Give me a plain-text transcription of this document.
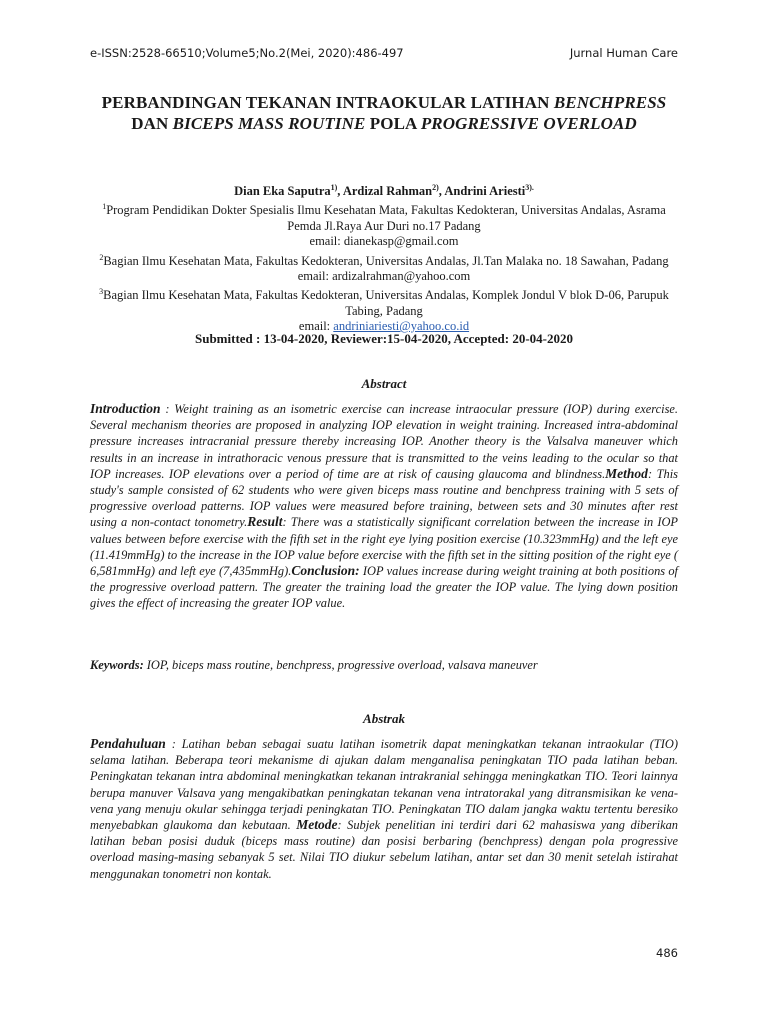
e-ISSN:2528-66510;Volume5;No.2(Mei, 2020):486-497	Jurnal Human Care
PERBANDINGAN TEKANAN INTRAOKULAR LATIHAN BENCHPRESS
DAN BICEPS MASS ROUTINE POLA PROGRESSIVE OVERLOAD
Dian Eka Saputra$^{1)}$, Ardizal Rahman$^{2)}$, Andrini Ariesti$^{3).}$
$^1$Program Pendidikan Dokter Spesialis Ilmu Kesehatan Mata, Fakultas Kedokteran, Universitas Andalas, Asrama Pemda Jl.Raya Aur Duri no.17 Padang
email: dianekasp@gmail.com
$^2$Bagian Ilmu Kesehatan Mata, Fakultas Kedokteran, Universitas Andalas, Jl.Tan Malaka no. 18 Sawahan, Padang
email: ardizalrahman@yahoo.com
$^3$Bagian Ilmu Kesehatan Mata, Fakultas Kedokteran, Universitas Andalas, Komplek Jondul V blok D-06, Parupuk Tabing, Padang
email: andriniariesti@yahoo.co.id
Submitted : 13-04-2020, Reviewer:15-04-2020, Accepted: 20-04-2020
Abstract
Introduction : Weight training as an isometric exercise can increase intraocular pressure (IOP) during exercise. Several mechanism theories are proposed in analyzing IOP elevation in weight training. Increased intra-abdominal pressure increases intracranial pressure thereby increasing IOP. Another theory is the Valsalva maneuver which results in an increase in intrathoracic venous pressure that is transmitted to the veins leading to the ocular so that IOP increases. IOP elevations over a period of time are at risk of causing glaucoma and blindness.Method: This study's sample consisted of 62 students who were given biceps mass routine and benchpress training with 5 sets of progressive overload patterns. IOP values were measured before training, between sets and 30 minutes after rest using a non-contact tonometry.Result: There was a statistically significant correlation between the increase in IOP values between before exercise with the fifth set in the right eye lying position exercise (10.323mmHg) and the left eye (11.419mmHg) to the increase in the IOP value before exercise with the fifth set in the sitting position of the right eye ( 6,581mmHg) and left eye (7,435mmHg).Conclusion: IOP values increase during weight training at both positions of the progressive overload pattern. The greater the training load the greater the IOP value. The lying down position gives the effect of increasing the greater IOP value.
Keywords: IOP, biceps mass routine, benchpress, progressive overload, valsava maneuver
Abstrak
Pendahuluan : Latihan beban sebagai suatu latihan isometrik dapat meningkatkan tekanan intraokular (TIO) selama latihan. Beberapa teori mekanisme di ajukan dalam menganalisa peningkatan TIO pada latihan beban. Peningkatan tekanan intra abdominal meningkatkan tekanan intrakranial sehingga meningkatkan TIO. Teori lainnya berupa manuver Valsava yang mengakibatkan peningkatan tekanan vena intratorakal yang ditransmisikan ke vena-vena yang menuju okular sehingga terjadi peningkatan TIO. Peningkatan TIO dalam jangka waktu tertentu beresiko menyebabkan glaukoma dan kebutaan. Metode: Subjek penelitian ini terdiri dari 62 mahasiswa yang diberikan latihan beban posisi duduk (biceps mass routine) dan posisi berbaring (benchpress) dengan pola progressive overload masing-masing sebanyak 5 set. Nilai TIO diukur sebelum latihan, antar set dan 30 menit setelah istirahat menggunakan tonometri non kontak.
486
